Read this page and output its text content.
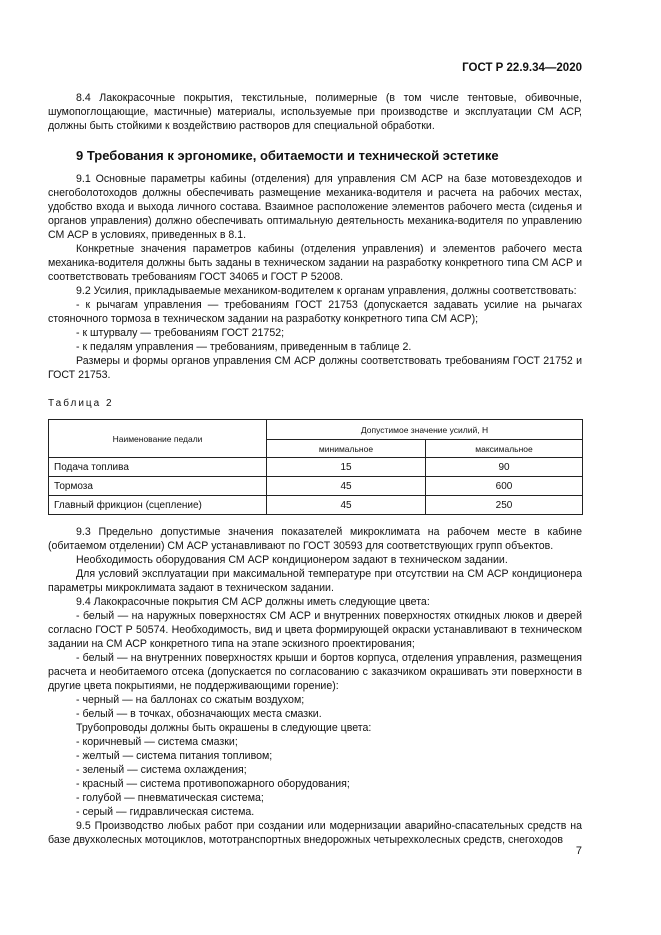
ГОСТ Р 22.9.34—2020

8.4 Лакокрасочные покрытия, текстильные, полимерные (в том числе тентовые, обивочные, шумопоглощающие, мастичные) материалы, используемые при производстве и эксплуатации СМ АСР, должны быть стойкими к воздействию растворов для специальной обработки.

9 Требования к эргономике, обитаемости и технической эстетике

9.1 Основные параметры кабины (отделения) для управления СМ АСР на базе мотовездеходов и снегоболотоходов должны обеспечивать размещение механика-водителя и расчета на рабочих местах, удобство входа и выхода личного состава. Взаимное расположение элементов рабочего места (сиденья и органов управления) должно обеспечивать оптимальную деятельность механика-водителя по управлению СМ АСР в условиях, приведенных в 8.1.

Конкретные значения параметров кабины (отделения управления) и элементов рабочего места механика-водителя должны быть заданы в техническом задании на разработку конкретного типа СМ АСР и соответствовать требованиям ГОСТ 34065 и ГОСТ Р 52008.

9.2 Усилия, прикладываемые механиком-водителем к органам управления, должны соответствовать:

- к рычагам управления — требованиям ГОСТ 21753 (допускается задавать усилие на рычагах стояночного тормоза в техническом задании на разработку конкретного типа СМ АСР);

- к штурвалу — требованиям ГОСТ 21752;

- к педалям управления — требованиям, приведенным в таблице 2.

Размеры и формы органов управления СМ АСР должны соответствовать требованиям ГОСТ 21752 и ГОСТ 21753.

Таблица 2
Наименование педали	Допустимое значение усилий, Н	
	минимальное	максимальное
Подача топлива	15	90
Тормоза	45	600
Главный фрикцион (сцепление)	45	250

9.3 Предельно допустимые значения показателей микроклимата на рабочем месте в кабине (обитаемом отделении) СМ АСР устанавливают по ГОСТ 30593 для соответствующих групп объектов.

Необходимость оборудования СМ АСР кондиционером задают в техническом задании.

Для условий эксплуатации при максимальной температуре при отсутствии на СМ АСР кондиционера параметры микроклимата задают в техническом задании.

9.4 Лакокрасочные покрытия СМ АСР должны иметь следующие цвета:

- белый — на наружных поверхностях СМ АСР и внутренних поверхностях откидных люков и дверей согласно ГОСТ Р 50574. Необходимость, вид и цвета формирующей окраски устанавливают в техническом задании на СМ АСР конкретного типа на этапе эскизного проектирования;

- белый — на внутренних поверхностях крыши и бортов корпуса, отделения управления, размещения расчета и необитаемого отсека (допускается по согласованию с заказчиком окрашивать эти поверхности в другие цвета покрытиями, не поддерживающими горение):

- черный — на баллонах со сжатым воздухом;

- белый — в точках, обозначающих места смазки.

Трубопроводы должны быть окрашены в следующие цвета:

- коричневый — система смазки;

- желтый — система питания топливом;

- зеленый — система охлаждения;

- красный — система противопожарного оборудования;

- голубой — пневматическая система;

- серый — гидравлическая система.

9.5 Производство любых работ при создании или модернизации аварийно-спасательных средств на базе двухколесных мотоциклов, мототранспортных внедорожных четырехколесных средств, снегоходов

7
